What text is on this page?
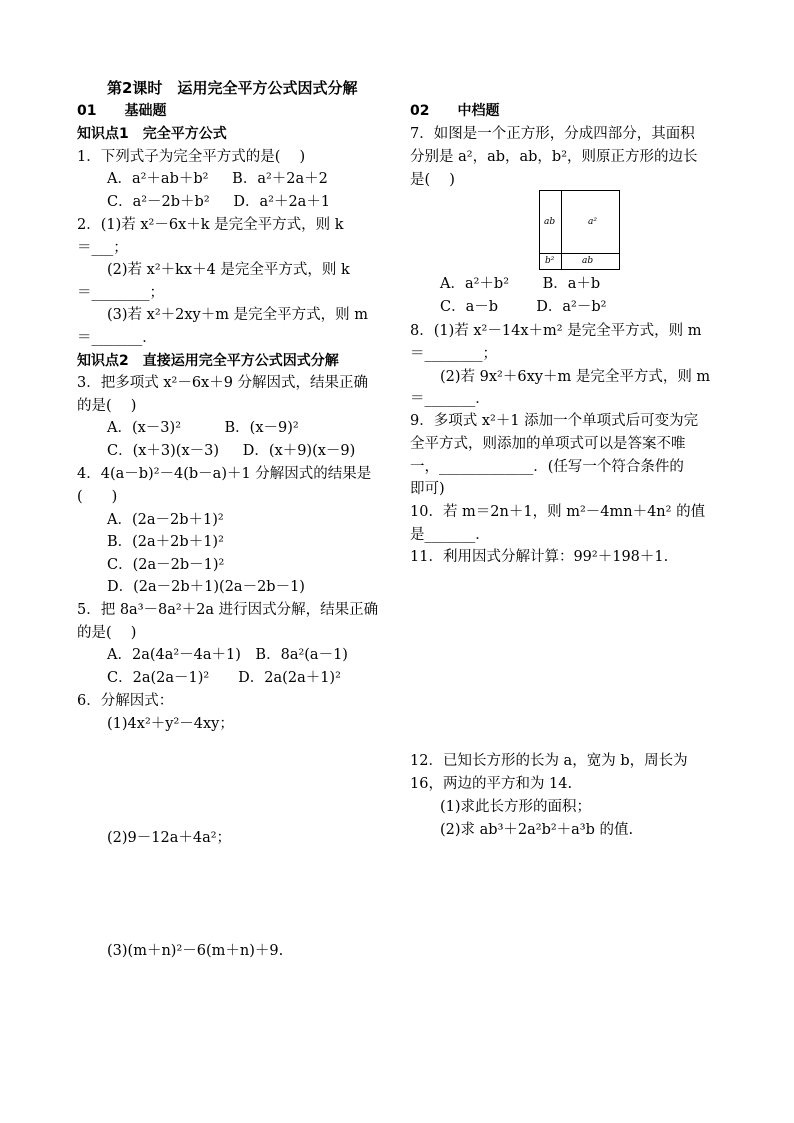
第2课时　运用完全平方公式因式分解
01　　基础题
知识点1　完全平方公式
1．下列式子为完全平方式的是(　 )
A．a²＋ab＋b²　  B．a²＋2a＋2
C．a²－2b＋b²　  D．a²＋2a＋1
2．(1)若 x²－6x＋k 是完全平方式，则 k
＝___；
(2)若 x²＋kx＋4 是完全平方式，则 k
＝________；
(3)若 x²＋2xy＋m 是完全平方式，则 m
＝_______．
知识点2　直接运用完全平方公式因式分解
3．把多项式 x²－6x＋9 分解因式，结果正确
的是(　 )
A．(x－3)²　　　B．(x－9)²
C．(x＋3)(x－3)　  D．(x＋9)(x－9)
4．4(a－b)²－4(b－a)＋1 分解因式的结果是
(　　)
A．(2a－2b＋1)²
B．(2a＋2b＋1)²
C．(2a－2b－1)²
D．(2a－2b＋1)(2a－2b－1)
5．把 8a³－8a²＋2a 进行因式分解，结果正确
的是(　 )
A．2a(4a²－4a＋1)　B．8a²(a－1)
C．2a(2a－1)²　　D．2a(2a＋1)²
6．分解因式：
(1)4x²＋y²－4xy；
(2)9－12a＋4a²；
(3)(m＋n)²－6(m＋n)＋9.
02　　中档题
7．如图是一个正方形，分成四部分，其面积
分别是 a²，ab，ab，b²，则原正方形的边长
是(　 )
ab	a²
b²	ab
A．a²＋b²　　 B．a＋b
C．a－b　　  D．a²－b²
8．(1)若 x²－14x＋m² 是完全平方式，则 m
＝________；
(2)若 9x²＋6xy＋m 是完全平方式，则 m
＝_______．
9．多项式 x²＋1 添加一个单项式后可变为完
全平方式，则添加的单项式可以是答案不唯
一，_____________．(任写一个符合条件的
即可)
10．若 m＝2n＋1，则 m²－4mn＋4n² 的值
是_______．
11．利用因式分解计算：99²＋198＋1.
12．已知长方形的长为 a，宽为 b，周长为
16，两边的平方和为 14.
(1)求此长方形的面积；
(2)求 ab³＋2a²b²＋a³b 的值.
